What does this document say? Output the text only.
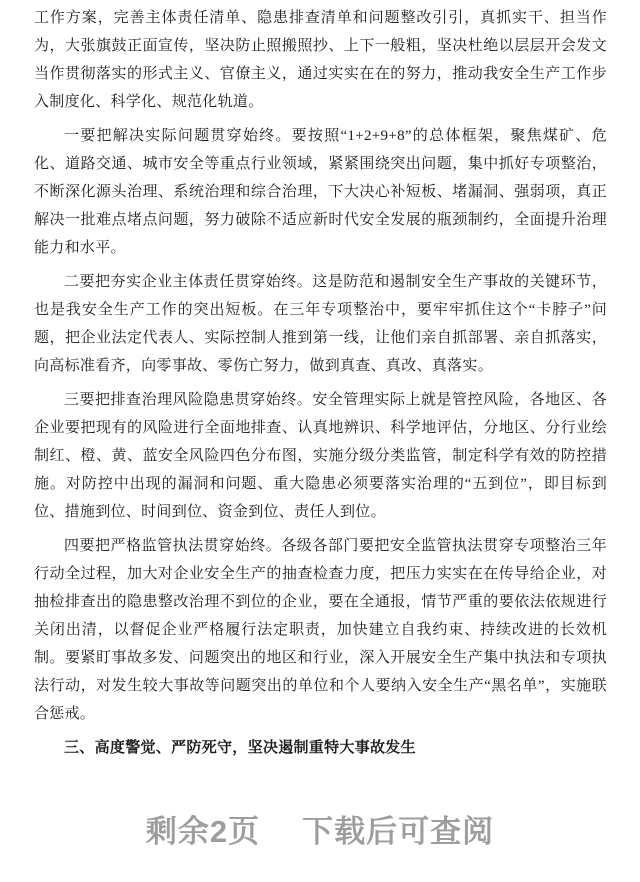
工作方案，完善主体责任清单、隐患排查清单和问题整改引引，真抓实干、担当作为，大张旗鼓正面宣传，坚决防止照搬照抄、上下一般粗，坚决杜绝以层层开会发文当作贯彻落实的形式主义、官僚主义，通过实实在在的努力，推动我安全生产工作步入制度化、科学化、规范化轨道。

一要把解决实际问题贯穿始终。要按照“1+2+9+8”的总体框架，聚焦煤矿、危化、道路交通、城市安全等重点行业领域，紧紧围绕突出问题，集中抓好专项整治，不断深化源头治理、系统治理和综合治理，下大决心补短板、堵漏洞、强弱项，真正解决一批难点堵点问题，努力破除不适应新时代安全发展的瓶颈制约，全面提升治理能力和水平。

二要把夯实企业主体责任贯穿始终。这是防范和遏制安全生产事故的关键环节，也是我安全生产工作的突出短板。在三年专项整治中，要牢牢抓住这个“卡脖子”问题，把企业法定代表人、实际控制人推到第一线，让他们亲自抓部署、亲自抓落实，向高标准看齐，向零事故、零伤亡努力，做到真查、真改、真落实。

三要把排查治理风险隐患贯穿始终。安全管理实际上就是管控风险，各地区、各企业要把现有的风险进行全面地排查、认真地辨识、科学地评估，分地区、分行业绘制红、橙、黄、蓝安全风险四色分布图，实施分级分类监管，制定科学有效的防控措施。对防控中出现的漏洞和问题、重大隐患必须要落实治理的“五到位”，即目标到位、措施到位、时间到位、资金到位、责任人到位。

四要把严格监管执法贯穿始终。各级各部门要把安全监管执法贯穿专项整治三年行动全过程，加大对企业安全生产的抽查检查力度，把压力实实在在传导给企业，对抽检排查出的隐患整改治理不到位的企业，要在全通报，情节严重的要依法依规进行关闭出清，以督促企业严格履行法定职责，加快建立自我约束、持续改进的长效机制。要紧盯事故多发、问题突出的地区和行业，深入开展安全生产集中执法和专项执法行动，对发生较大事故等问题突出的单位和个人要纳入安全生产“黑名单”，实施联合惩戒。

三、高度警觉、严防死守，坚决遏制重特大事故发生

剩余2页 下载后可查阅
